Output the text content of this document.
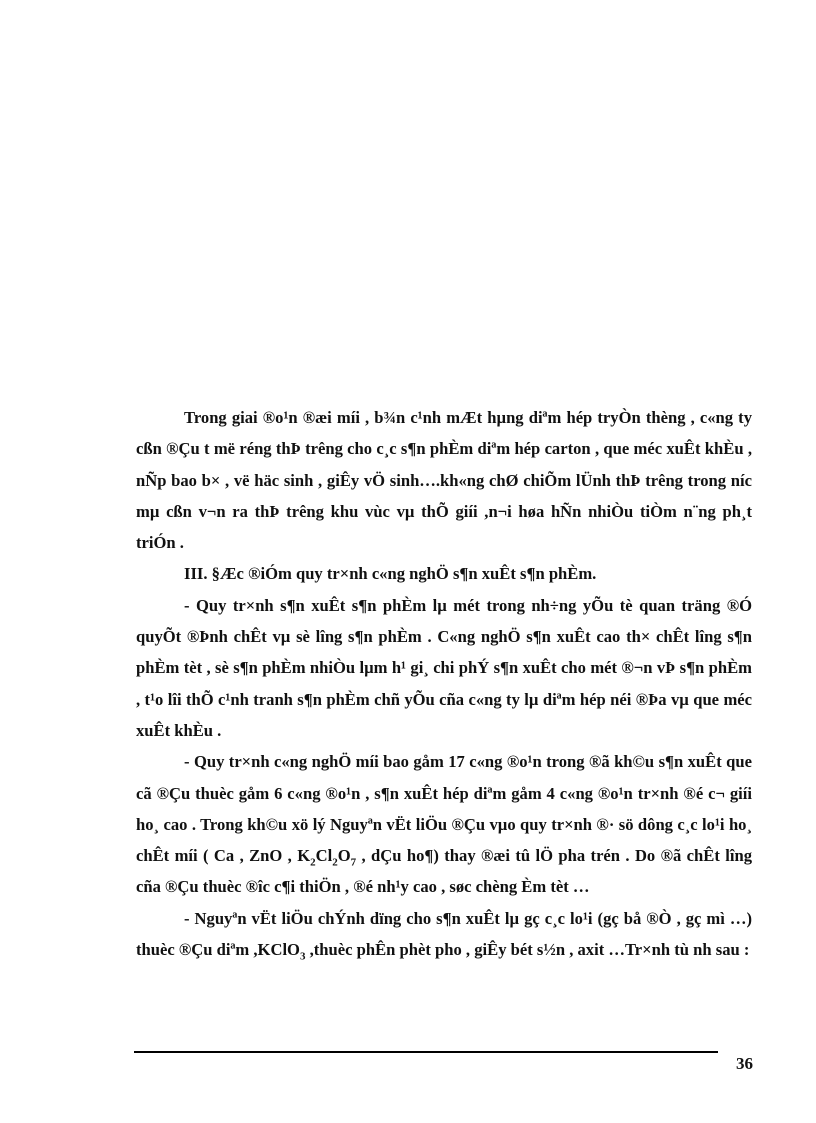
Trong giai ®o¹n ®æi míi , b¾n c¹nh mÆt hµng diªm hép tryÒn thèng , c«ng ty cßn ®Çu t më réng thÞ trêng cho c¸c s¶n phÈm diªm hép carton , que méc xuÊt khÈu , nÑp bao b× , vë häc sinh , giÊy vÖ sinh….kh«ng chØ chiÕm lÜnh thÞ trêng trong níc mµ cßn v¬n ra thÞ trêng khu vùc vµ thÕ giíi ,n¬i høa hÑn nhiÒu tiÒm n¨ng ph¸t triÓn .

III. §Æc ®iÓm quy tr×nh c«ng nghÖ s¶n xuÊt s¶n phÈm.

- Quy tr×nh s¶n xuÊt s¶n phÈm lµ mét trong nh÷ng yÕu tè quan träng ®Ó quyÕt ®Þnh chÊt vµ sè lîng s¶n phÈm . C«ng nghÖ s¶n xuÊt cao th× chÊt lîng s¶n phÈm tèt , sè s¶n phÈm nhiÒu lµm h¹ gi¸ chi phÝ s¶n xuÊt cho mét ®¬n vÞ s¶n phÈm , t¹o lîi thÕ c¹nh tranh s¶n phÈm chñ yÕu cña c«ng ty lµ diªm hép néi ®Þa vµ que méc xuÊt khÈu .

- Quy tr×nh c«ng nghÖ míi bao gåm 17 c«ng ®o¹n trong ®ã kh©u s¶n xuÊt que cã ®Çu thuèc gåm 6 c«ng ®o¹n , s¶n xuÊt hép diªm gåm 4 c«ng ®o¹n tr×nh ®é c¬ giíi ho¸ cao . Trong kh©u xö lý Nguyªn vËt liÖu ®Çu vµo quy tr×nh ®· sö dông c¸c lo¹i ho¸ chÊt míi ( Ca , ZnO , $K_2Cl_2O_7$ , dÇu ho¶) thay ®æi tû lÖ pha trén . Do ®ã chÊt lîng cña ®Çu thuèc ®îc c¶i thiÖn , ®é nh¹y cao , søc chèng Èm tèt …

- Nguyªn vËt liÖu chÝnh dïng cho s¶n xuÊt lµ gç c¸c lo¹i (gç bå ®Ò , gç mì …) thuèc ®Çu diªm ,KClO$_3$ ,thuèc phÊn phèt pho , giÊy bét s½n , axit …Tr×nh tù nh sau :

36
